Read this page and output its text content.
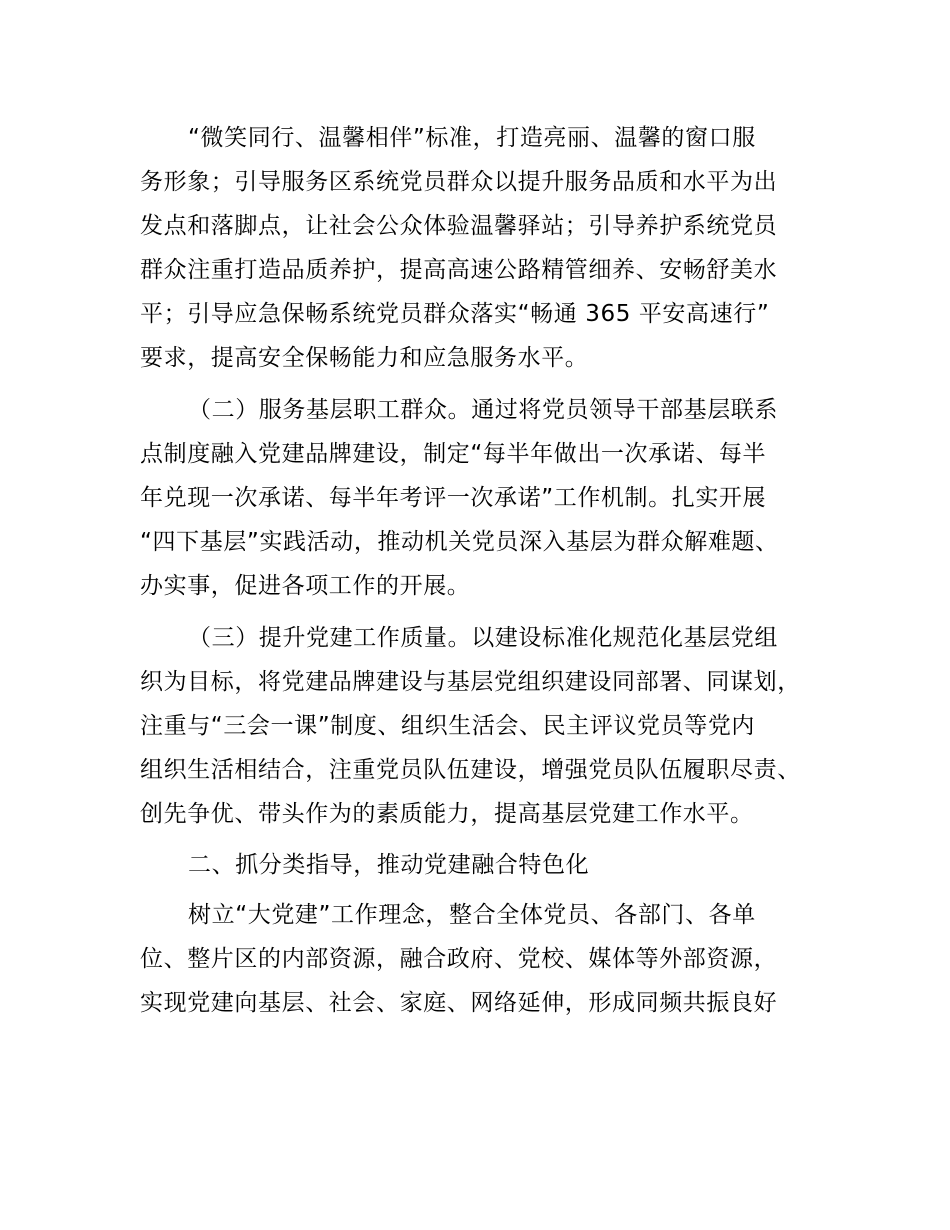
“微笑同行、温馨相伴”标准，打造亮丽、温馨的窗口服
务形象；引导服务区系统党员群众以提升服务品质和水平为出
发点和落脚点，让社会公众体验温馨驿站；引导养护系统党员
群众注重打造品质养护，提高高速公路精管细养、安畅舒美水
平；引导应急保畅系统党员群众落实“畅通 365 平安高速行”
要求，提高安全保畅能力和应急服务水平。
（二）服务基层职工群众。通过将党员领导干部基层联系
点制度融入党建品牌建设，制定“每半年做出一次承诺、每半
年兑现一次承诺、每半年考评一次承诺”工作机制。扎实开展
“四下基层”实践活动，推动机关党员深入基层为群众解难题、
办实事，促进各项工作的开展。
（三）提升党建工作质量。以建设标准化规范化基层党组
织为目标，将党建品牌建设与基层党组织建设同部署、同谋划，
注重与“三会一课”制度、组织生活会、民主评议党员等党内
组织生活相结合，注重党员队伍建设，增强党员队伍履职尽责、
创先争优、带头作为的素质能力，提高基层党建工作水平。
二、抓分类指导，推动党建融合特色化
树立“大党建”工作理念，整合全体党员、各部门、各单
位、整片区的内部资源，融合政府、党校、媒体等外部资源，
实现党建向基层、社会、家庭、网络延伸，形成同频共振良好
